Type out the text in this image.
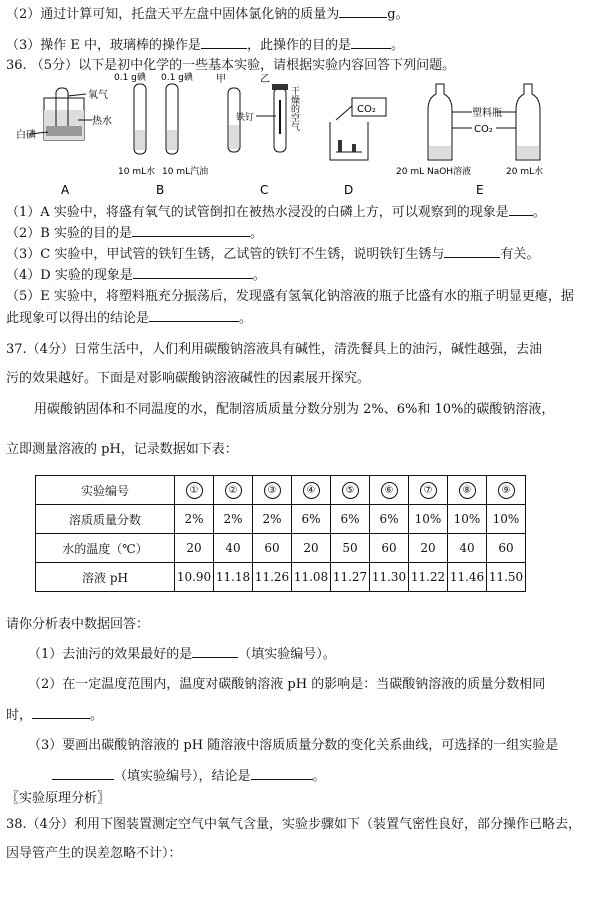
（2）通过计算可知，托盘天平左盘中固体氯化钠的质量为	g。
（3）操作 E 中，玻璃棒的操作是	，此操作的目的是	。
36. （5分）以下是初中化学的一些基本实验，请根据实验内容回答下列问题。
氧气
白磷
热水
A
0.1 g碘 0.1 g碘
10 mL水 10 mL汽油
B
甲	乙
铁钉	干燥的空气
C
CO₂
D
塑料瓶
CO₂
20 mL NaOH溶液	20 mL水
E
（1）A 实验中，将盛有氧气的试管倒扣在被热水浸没的白磷上方，可以观察到的现象是 。
（2）B 实验的目的是	。
（3）C 实验中，甲试管的铁钉生锈，乙试管的铁钉不生锈，说明铁钉生锈与	有关。
（4）D 实验的现象是	。
（5）E 实验中，将塑料瓶充分振荡后，发现盛有氢氧化钠溶液的瓶子比盛有水的瓶子明显更瘪，据
此现象可以得出的结论是	。
37.（4分）日常生活中，人们利用碳酸钠溶液具有碱性，清洗餐具上的油污，碱性越强，去油
污的效果越好。下面是对影响碳酸钠溶液碱性的因素展开探究。
用碳酸钠固体和不同温度的水，配制溶质质量分数分别为 2%、6%和 10%的碳酸钠溶液，
立即测量溶液的 pH，记录数据如下表：
实验编号	①	②	③	④	⑤	⑥	⑦	⑧	⑨
溶质质量分数	2%	2%	2%	6%	6%	6%	10%	10%	10%
水的温度（℃）	20	40	60	20	50	60	20	40	60
溶液 pH	10.90	11.18	11.26	11.08	11.27	11.30	11.22	11.46	11.50
请你分析表中数据回答：
（1）去油污的效果最好的是	（填实验编号）。
（2）在一定温度范围内，温度对碳酸钠溶液 pH 的影响是：当碳酸钠溶液的质量分数相同
时，	。
（3）要画出碳酸钠溶液的 pH 随溶液中溶质质量分数的变化关系曲线，可选择的一组实验是
（填实验编号），结论是	。
〖实验原理分析〗
38.（4分）利用下图装置测定空气中氧气含量，实验步骤如下（装置气密性良好，部分操作已略去，
因导管产生的误差忽略不计）：
